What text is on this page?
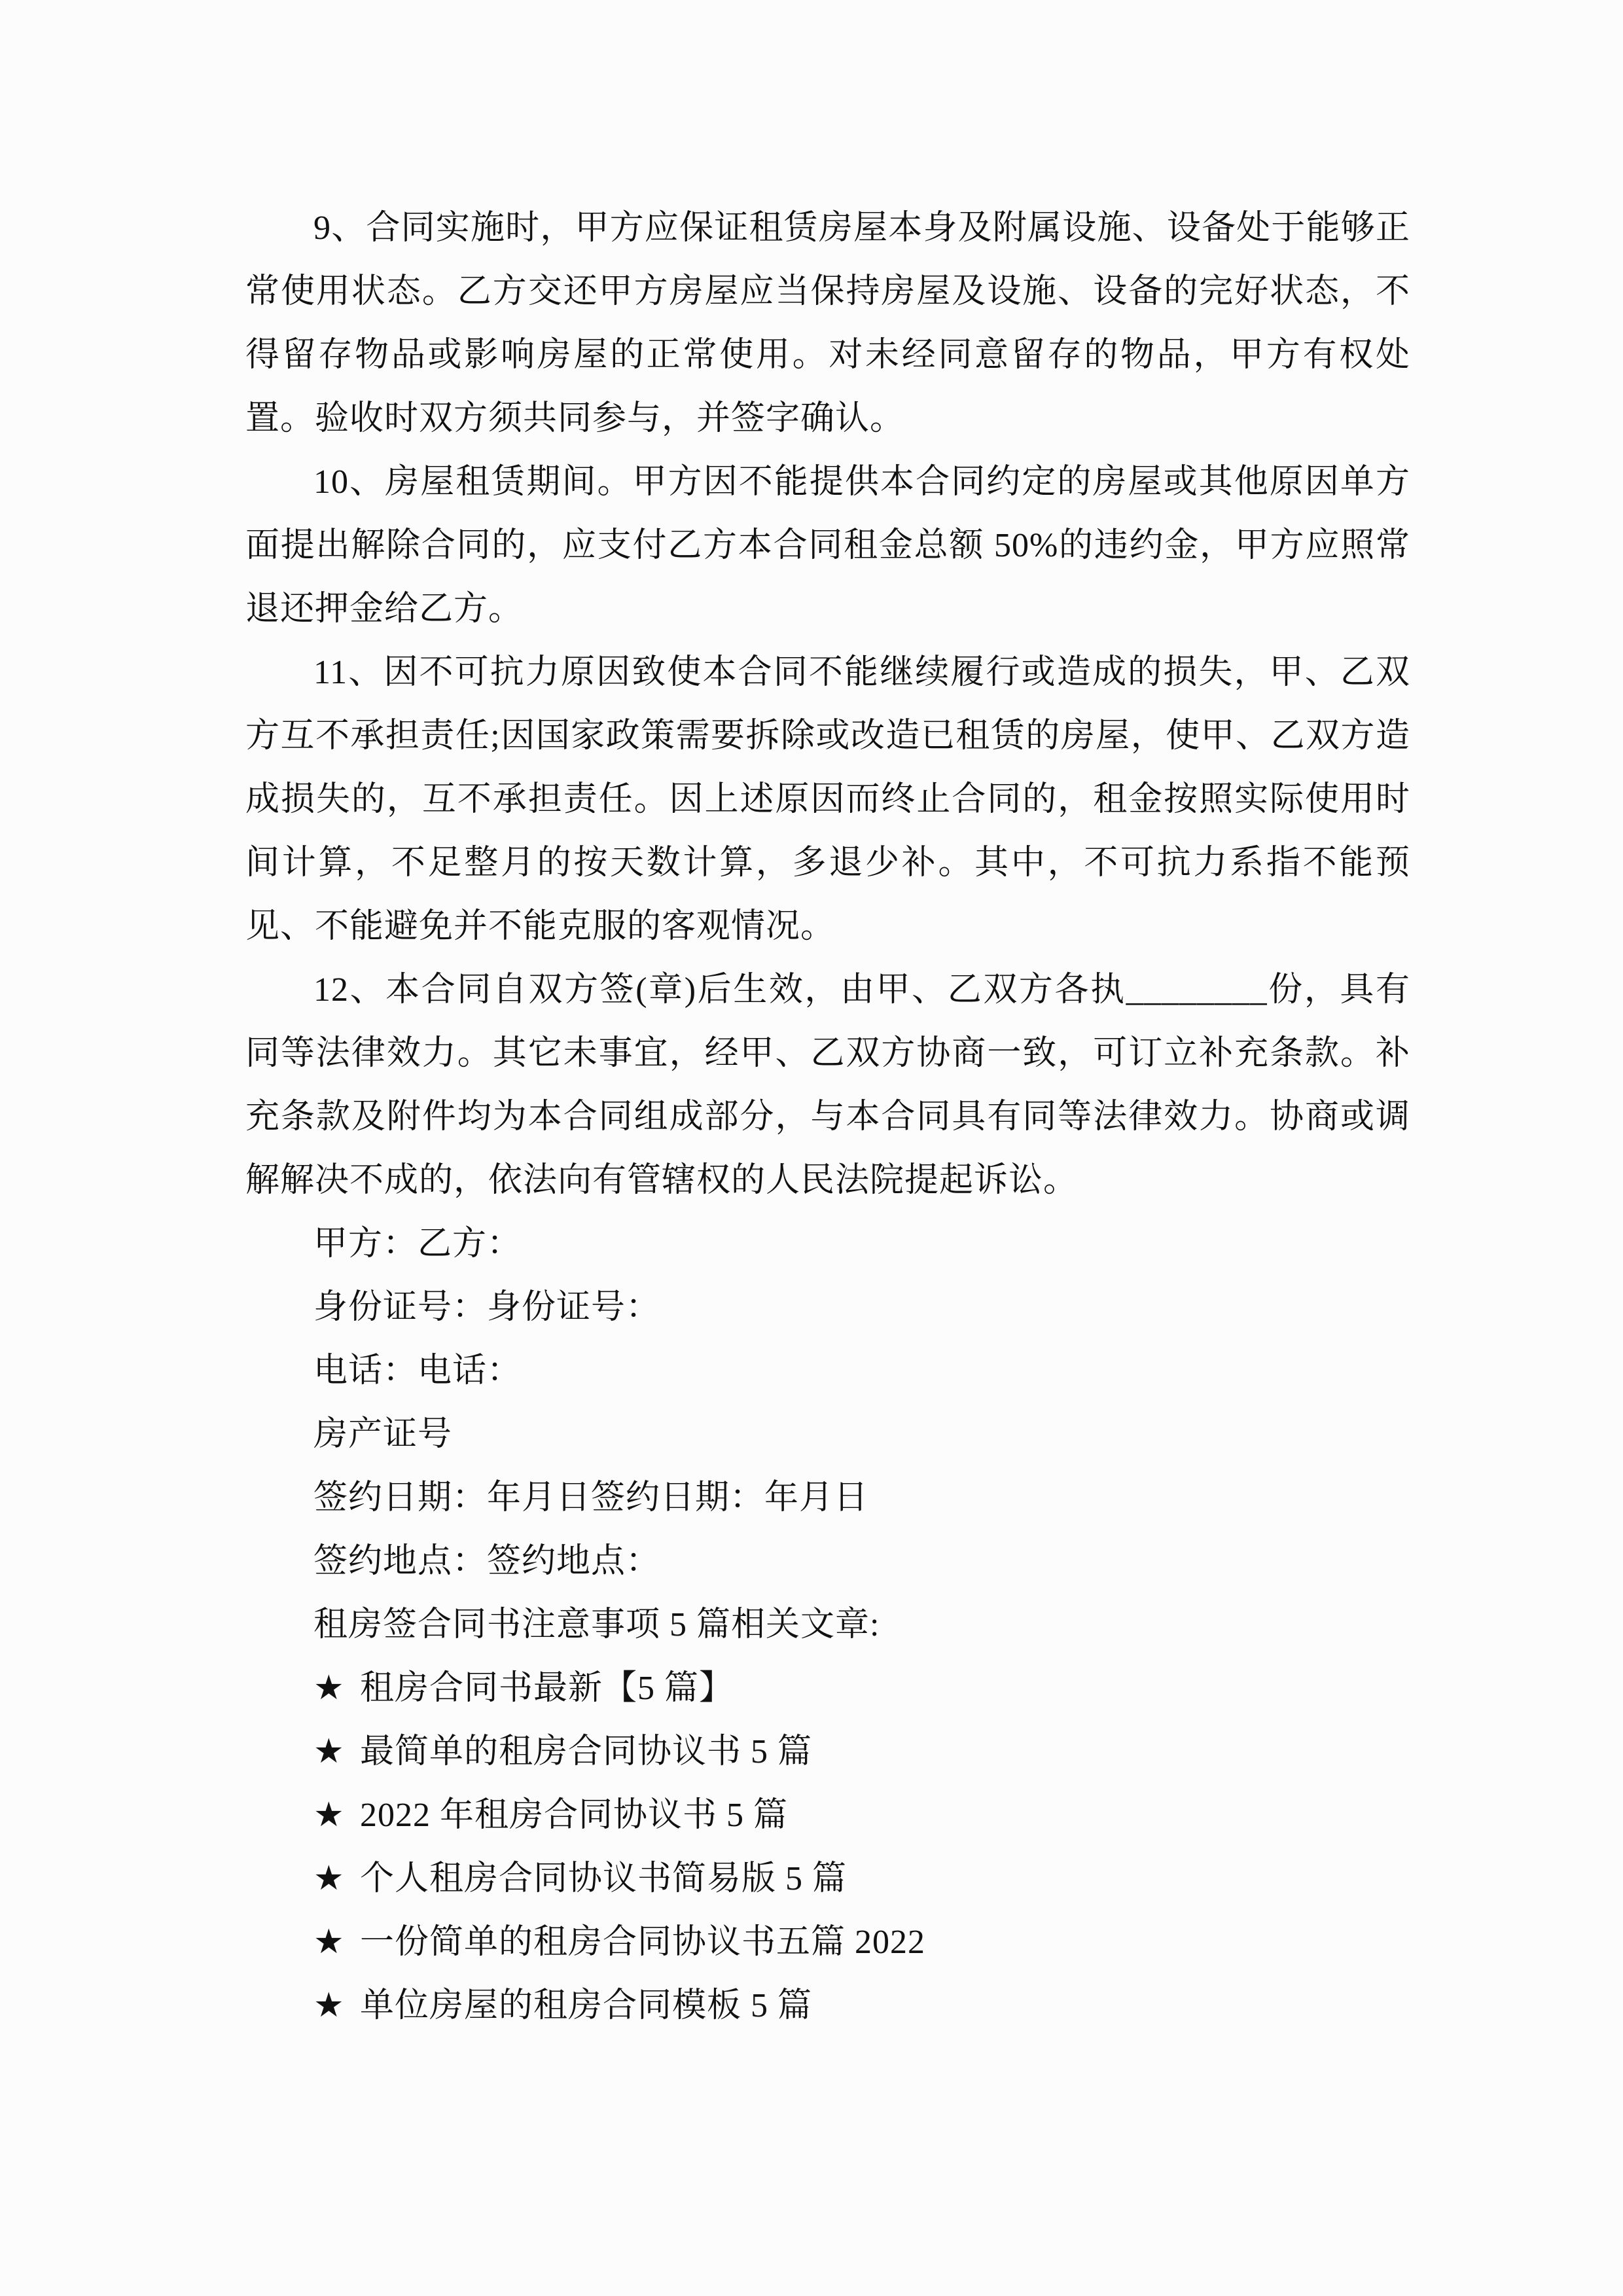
9、合同实施时，甲方应保证租赁房屋本身及附属设施、设备处于能够正常使用状态。乙方交还甲方房屋应当保持房屋及设施、设备的完好状态，不得留存物品或影响房屋的正常使用。对未经同意留存的物品，甲方有权处置。验收时双方须共同参与，并签字确认。

10、房屋租赁期间。甲方因不能提供本合同约定的房屋或其他原因单方面提出解除合同的，应支付乙方本合同租金总额 50%的违约金，甲方应照常退还押金给乙方。

11、因不可抗力原因致使本合同不能继续履行或造成的损失，甲、乙双方互不承担责任;因国家政策需要拆除或改造已租赁的房屋，使甲、乙双方造成损失的，互不承担责任。因上述原因而终止合同的，租金按照实际使用时间计算，不足整月的按天数计算，多退少补。其中，不可抗力系指不能预见、不能避免并不能克服的客观情况。

12、本合同自双方签(章)后生效，由甲、乙双方各执________份，具有同等法律效力。其它未事宜，经甲、乙双方协商一致，可订立补充条款。补充条款及附件均为本合同组成部分，与本合同具有同等法律效力。协商或调解解决不成的，依法向有管辖权的人民法院提起诉讼。

甲方：乙方：

身份证号：身份证号：

电话：电话：

房产证号

签约日期：年月日签约日期：年月日

签约地点：签约地点：

租房签合同书注意事项 5 篇相关文章:

★ 租房合同书最新【5 篇】

★ 最简单的租房合同协议书 5 篇

★ 2022 年租房合同协议书 5 篇

★ 个人租房合同协议书简易版 5 篇

★ 一份简单的租房合同协议书五篇 2022

★ 单位房屋的租房合同模板 5 篇
